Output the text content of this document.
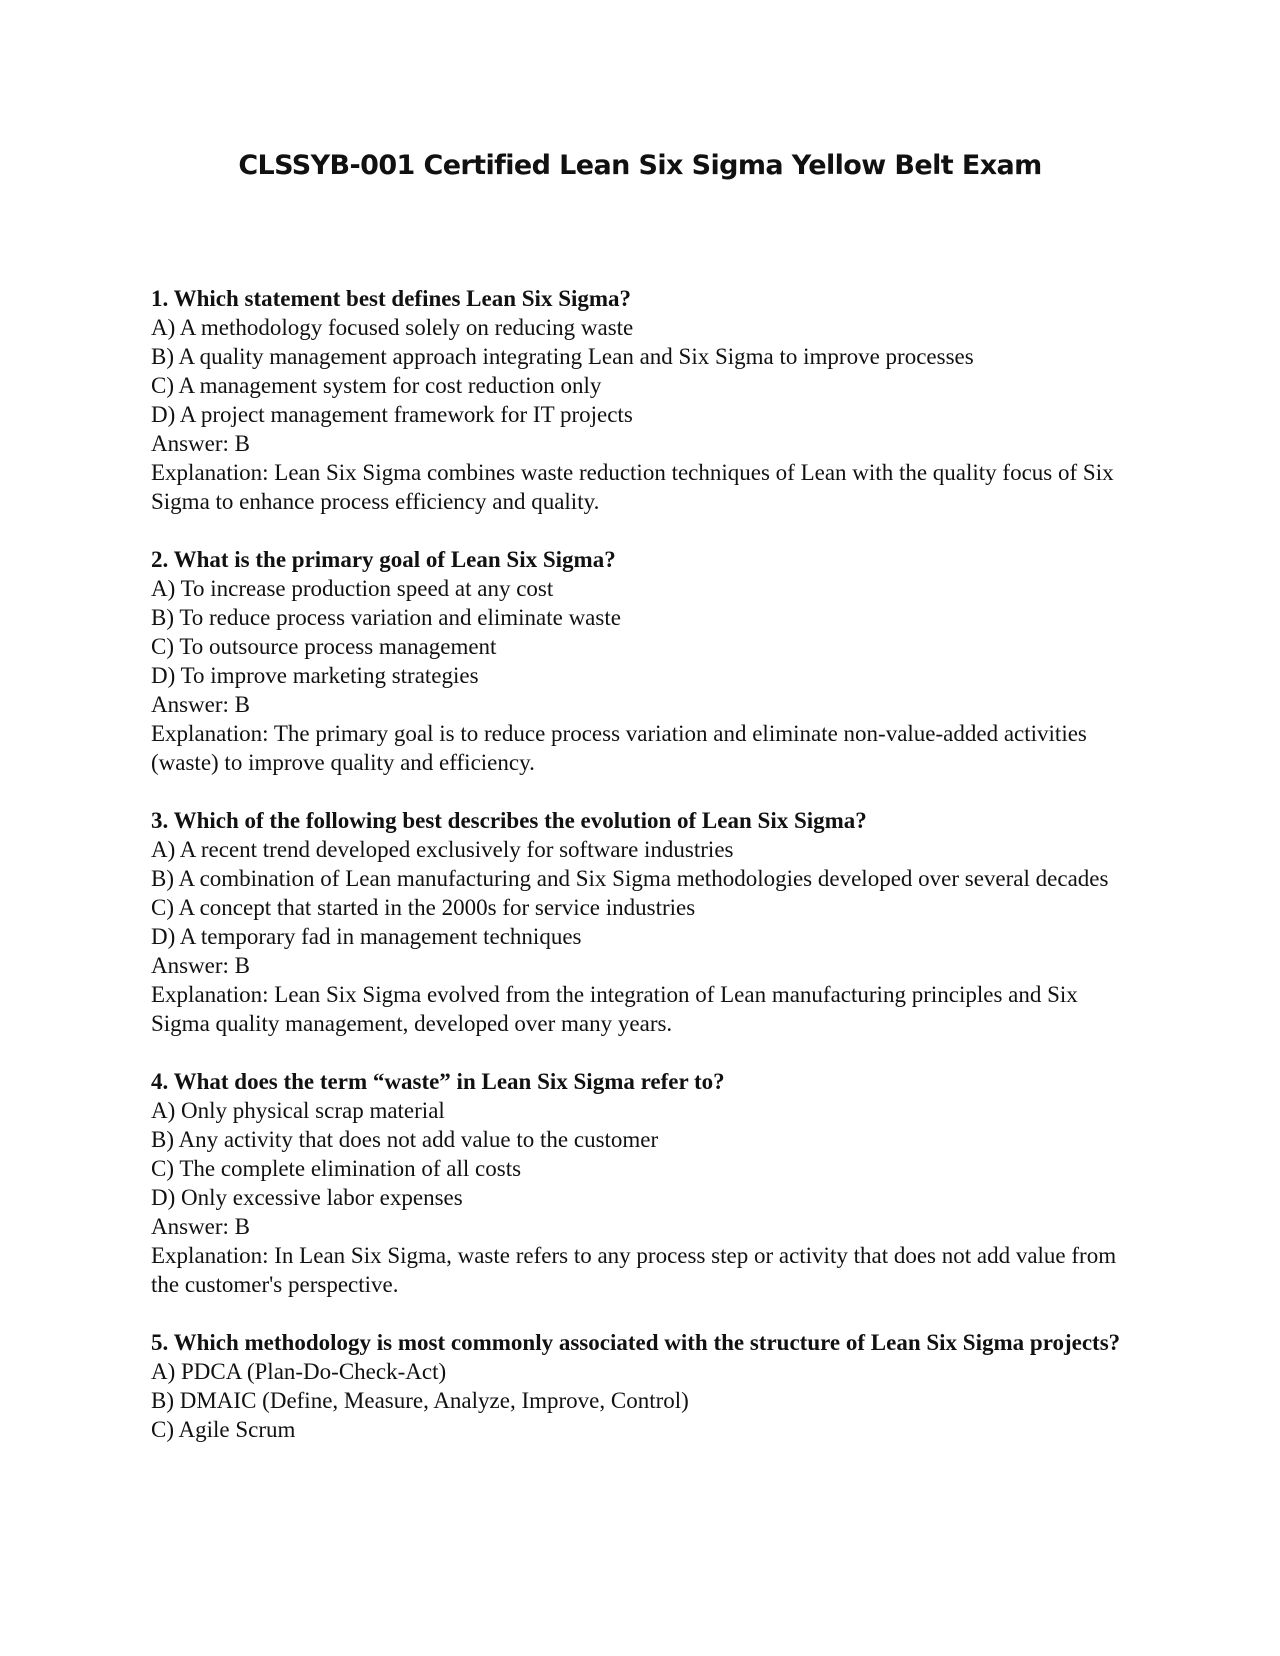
CLSSYB-001 Certified Lean Six Sigma Yellow Belt Exam

1. Which statement best defines Lean Six Sigma?

A) A methodology focused solely on reducing waste

B) A quality management approach integrating Lean and Six Sigma to improve processes

C) A management system for cost reduction only

D) A project management framework for IT projects

Answer: B

Explanation: Lean Six Sigma combines waste reduction techniques of Lean with the quality focus of Six Sigma to enhance process efficiency and quality.

2. What is the primary goal of Lean Six Sigma?

A) To increase production speed at any cost

B) To reduce process variation and eliminate waste

C) To outsource process management

D) To improve marketing strategies

Answer: B

Explanation: The primary goal is to reduce process variation and eliminate non-value-added activities (waste) to improve quality and efficiency.

3. Which of the following best describes the evolution of Lean Six Sigma?

A) A recent trend developed exclusively for software industries

B) A combination of Lean manufacturing and Six Sigma methodologies developed over several decades

C) A concept that started in the 2000s for service industries

D) A temporary fad in management techniques

Answer: B

Explanation: Lean Six Sigma evolved from the integration of Lean manufacturing principles and Six Sigma quality management, developed over many years.

4. What does the term “waste” in Lean Six Sigma refer to?

A) Only physical scrap material

B) Any activity that does not add value to the customer

C) The complete elimination of all costs

D) Only excessive labor expenses

Answer: B

Explanation: In Lean Six Sigma, waste refers to any process step or activity that does not add value from the customer's perspective.

5. Which methodology is most commonly associated with the structure of Lean Six Sigma projects?

A) PDCA (Plan-Do-Check-Act)

B) DMAIC (Define, Measure, Analyze, Improve, Control)

C) Agile Scrum
